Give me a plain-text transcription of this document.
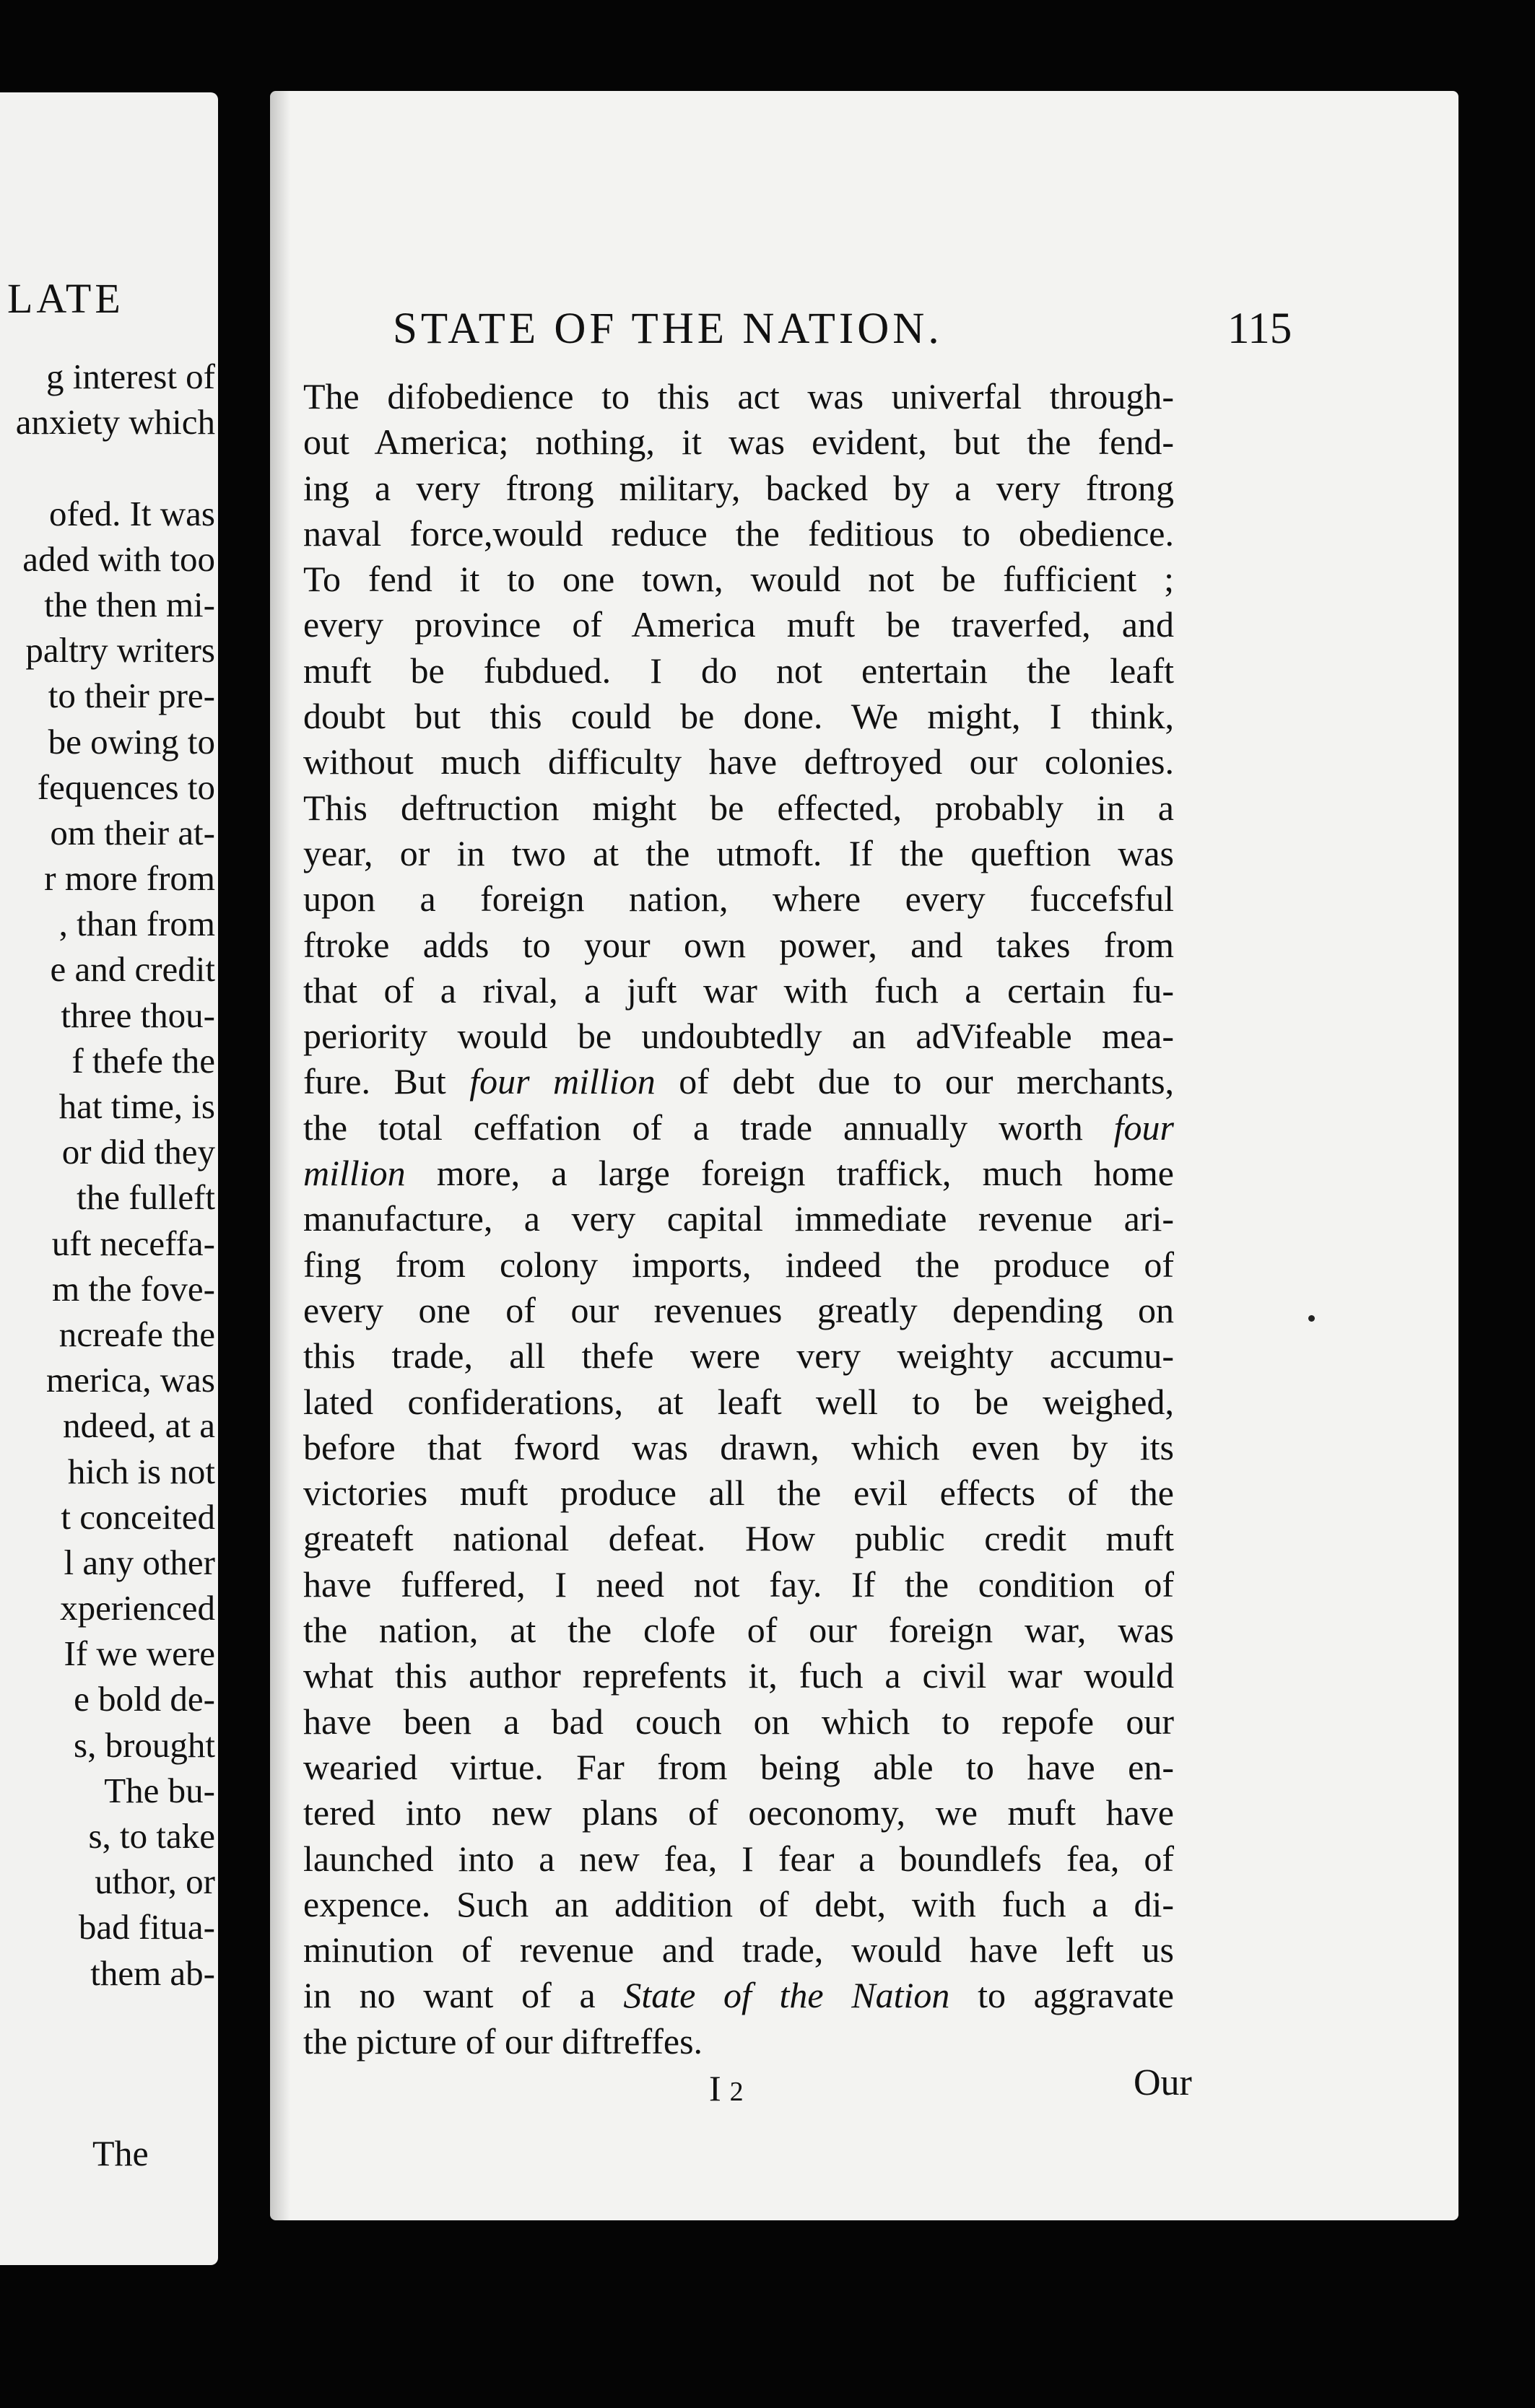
LATE
g interest of
anxiety which
ofed. It was
aded with too
the then mi-
paltry writers
to their pre-
be owing to
fequences to
om their at-
r more from
, than from
e and credit
three thou-
f thefe the
hat time, is
or did they
the fulleft
uft neceffa-
m the fove-
ncreafe the
merica, was
ndeed, at a
hich is not
t conceited
l any other
xperienced
If we were
e bold de-
s, brought
The bu-
s, to take
uthor, or
bad fitua-
them ab-
The
STATE OF THE NATION.	115
The difobedience to this act was univerfal through-
out America; nothing, it was evident, but the fend-
ing a very ftrong military, backed by a very ftrong
naval force,would reduce the feditious to obedience.
To fend it to one town, would not be fufficient ;
every province of America muft be traverfed, and
muft be fubdued. I do not entertain the leaft
doubt but this could be done. We might, I think,
without much difficulty have deftroyed our colonies.
This deftruction might be effected, probably in a
year, or in two at the utmoft. If the queftion was
upon a foreign nation, where every fuccefsful
ftroke adds to your own power, and takes from
that of a rival, a juft war with fuch a certain fu-
periority would be undoubtedly an adVifeable mea-
fure. But four million of debt due to our merchants,
the total ceffation of a trade annually worth four
million more, a large foreign traffick, much home
manufacture, a very capital immediate revenue ari-
fing from colony imports, indeed the produce of
every one of our revenues greatly depending on
this trade, all thefe were very weighty accumu-
lated confiderations, at leaft well to be weighed,
before that fword was drawn, which even by its
victories muft produce all the evil effects of the
greateft national defeat. How public credit muft
have fuffered, I need not fay. If the condition of
the nation, at the clofe of our foreign war, was
what this author reprefents it, fuch a civil war would
have been a bad couch on which to repofe our
wearied virtue. Far from being able to have en-
tered into new plans of oeconomy, we muft have
launched into a new fea, I fear a boundlefs fea, of
expence. Such an addition of debt, with fuch a di-
minution of revenue and trade, would have left us
in no want of a State of the Nation to aggravate
the picture of our diftreffes.
I 2	Our
